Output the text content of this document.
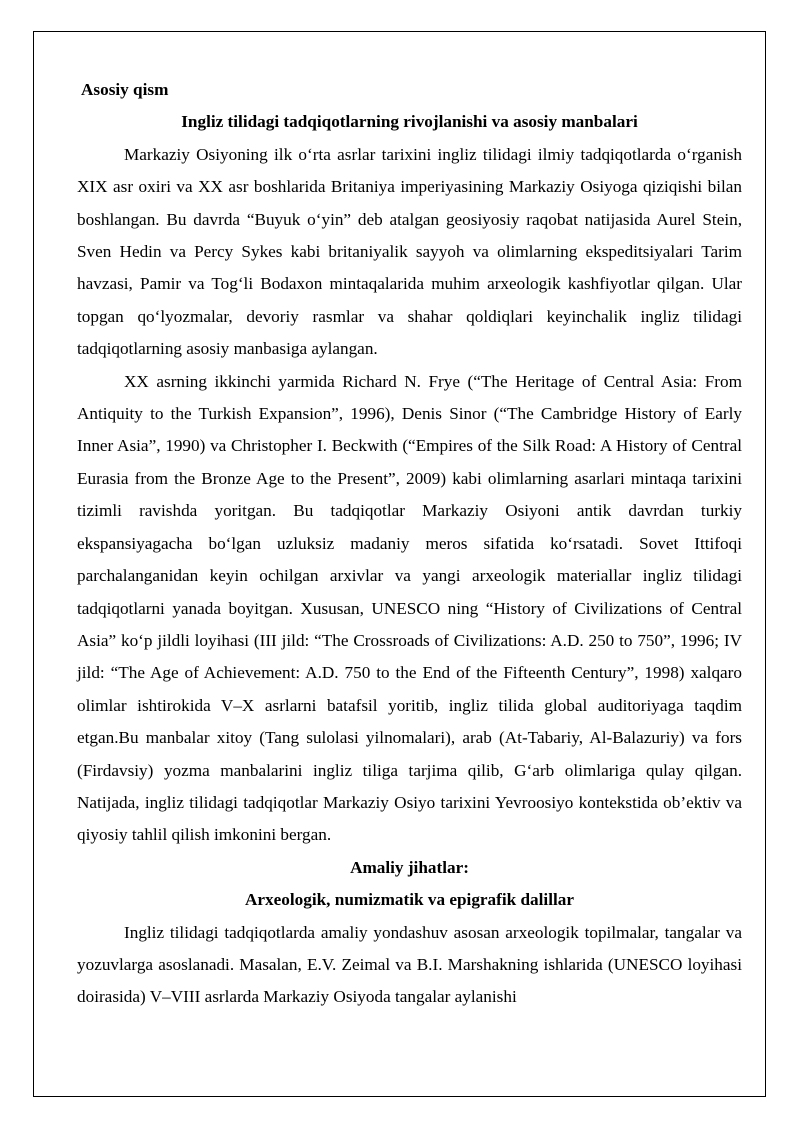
Asosiy qism

Ingliz tilidagi tadqiqotlarning rivojlanishi va asosiy manbalari

Markaziy Osiyoning ilk o‘rta asrlar tarixini ingliz tilidagi ilmiy tadqiqotlarda o‘rganish XIX asr oxiri va XX asr boshlarida Britaniya imperiyasining Markaziy Osiyoga qiziqishi bilan boshlangan. Bu davrda “Buyuk o‘yin” deb atalgan geosiyosiy raqobat natijasida Aurel Stein, Sven Hedin va Percy Sykes kabi britaniyalik sayyoh va olimlarning ekspeditsiyalari Tarim havzasi, Pamir va Tog‘li Bodaxon mintaqalarida muhim arxeologik kashfiyotlar qilgan. Ular topgan qo‘lyozmalar, devoriy rasmlar va shahar qoldiqlari keyinchalik ingliz tilidagi tadqiqotlarning asosiy manbasiga aylangan.

XX asrning ikkinchi yarmida Richard N. Frye (“The Heritage of Central Asia: From Antiquity to the Turkish Expansion”, 1996), Denis Sinor (“The Cambridge History of Early Inner Asia”, 1990) va Christopher I. Beckwith (“Empires of the Silk Road: A History of Central Eurasia from the Bronze Age to the Present”, 2009) kabi olimlarning asarlari mintaqa tarixini tizimli ravishda yoritgan. Bu tadqiqotlar Markaziy Osiyoni antik davrdan turkiy ekspansiyagacha bo‘lgan uzluksiz madaniy meros sifatida ko‘rsatadi. Sovet Ittifoqi parchalanganidan keyin ochilgan arxivlar va yangi arxeologik materiallar ingliz tilidagi tadqiqotlarni yanada boyitgan. Xususan, UNESCO ning “History of Civilizations of Central Asia” ko‘p jildli loyihasi (III jild: “The Crossroads of Civilizations: A.D. 250 to 750”, 1996; IV jild: “The Age of Achievement: A.D. 750 to the End of the Fifteenth Century”, 1998) xalqaro olimlar ishtirokida V–X asrlarni batafsil yoritib, ingliz tilida global auditoriyaga taqdim etgan.Bu manbalar xitoy (Tang sulolasi yilnomalari), arab (At-Tabariy, Al-Balazuriy) va fors (Firdavsiy) yozma manbalarini ingliz tiliga tarjima qilib, G‘arb olimlariga qulay qilgan. Natijada, ingliz tilidagi tadqiqotlar Markaziy Osiyo tarixini Yevroosiyo kontekstida ob’ektiv va qiyosiy tahlil qilish imkonini bergan.

Amaliy jihatlar:

Arxeologik, numizmatik va epigrafik dalillar

Ingliz tilidagi tadqiqotlarda amaliy yondashuv asosan arxeologik topilmalar, tangalar va yozuvlarga asoslanadi. Masalan, E.V. Zeimal va B.I. Marshakning ishlarida (UNESCO loyihasi doirasida) V–VIII asrlarda Markaziy Osiyoda tangalar aylanishi
